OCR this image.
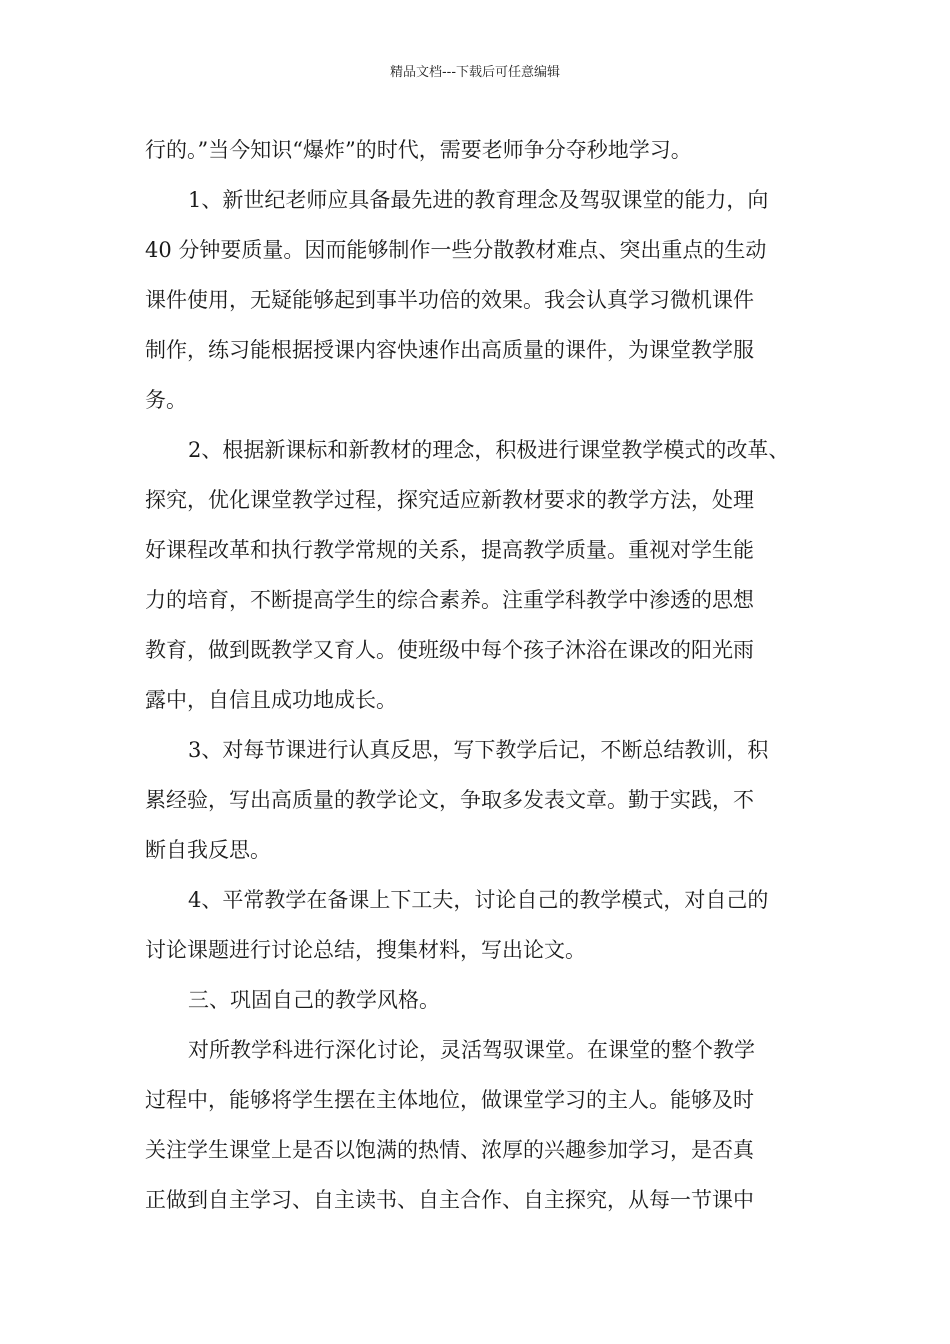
精品文档---下载后可任意编辑
行的。”当今知识“爆炸”的时代，需要老师争分夺秒地学习。
1、新世纪老师应具备最先进的教育理念及驾驭课堂的能力，向
40 分钟要质量。因而能够制作一些分散教材难点、突出重点的生动
课件使用，无疑能够起到事半功倍的效果。我会认真学习微机课件
制作，练习能根据授课内容快速作出高质量的课件，为课堂教学服
务。
2、根据新课标和新教材的理念，积极进行课堂教学模式的改革、
探究，优化课堂教学过程，探究适应新教材要求的教学方法，处理
好课程改革和执行教学常规的关系，提高教学质量。重视对学生能
力的培育，不断提高学生的综合素养。注重学科教学中渗透的思想
教育，做到既教学又育人。使班级中每个孩子沐浴在课改的阳光雨
露中，自信且成功地成长。
3、对每节课进行认真反思，写下教学后记，不断总结教训，积
累经验，写出高质量的教学论文，争取多发表文章。勤于实践，不
断自我反思。
4、平常教学在备课上下工夫，讨论自己的教学模式，对自己的
讨论课题进行讨论总结，搜集材料，写出论文。
三、巩固自己的教学风格。
对所教学科进行深化讨论，灵活驾驭课堂。在课堂的整个教学
过程中，能够将学生摆在主体地位，做课堂学习的主人。能够及时
关注学生课堂上是否以饱满的热情、浓厚的兴趣参加学习，是否真
正做到自主学习、自主读书、自主合作、自主探究，从每一节课中
